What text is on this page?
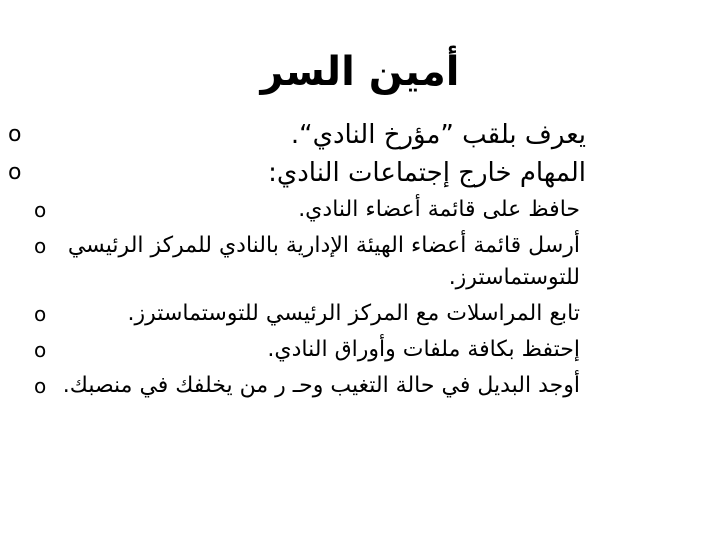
أمين السر
o	يعرف بلقب ”مؤرخ النادي“.
o	المهام خارج إجتماعات النادي:
o	حافظ على قائمة أعضاء النادي.
o أرسل قائمة أعضاء الهيئة الإدارية بالنادي للمركز الرئيسي للتوستماسترز.
o	تابع المراسلات مع المركز الرئيسي للتوستماسترز.
o	إحتفظ بكافة ملفات وأوراق النادي.
o أوجد البديل في حالة التغيب وحـ ر من يخلفك في منصبك.
